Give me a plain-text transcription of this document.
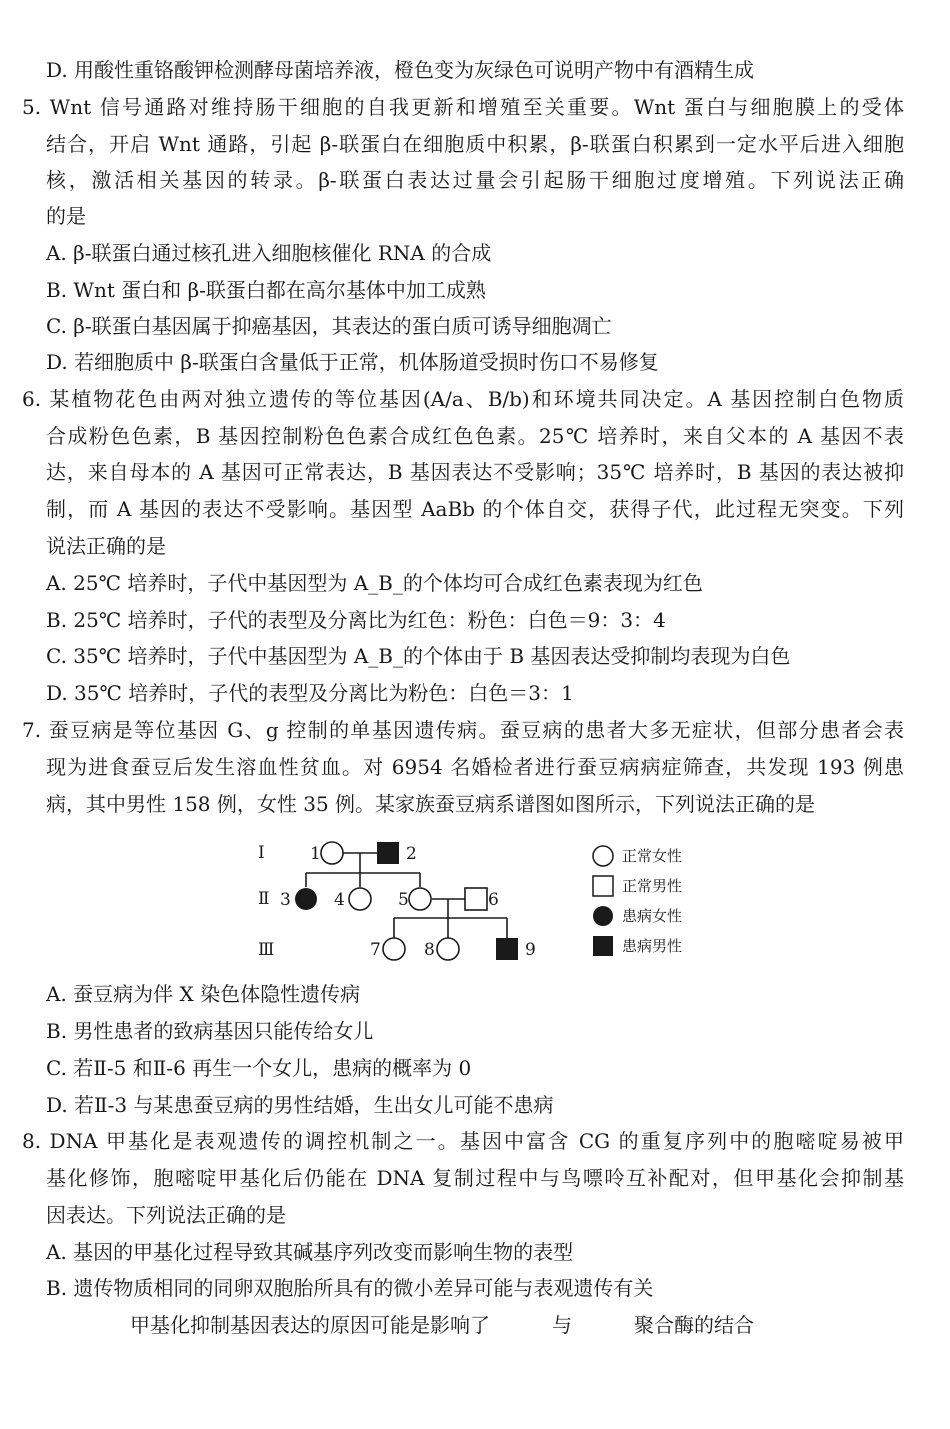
D. 用酸性重铬酸钾检测酵母菌培养液，橙色变为灰绿色可说明产物中有酒精生成
5. Wnt 信号通路对维持肠干细胞的自我更新和增殖至关重要。Wnt 蛋白与细胞膜上的受体
结合，开启 Wnt 通路，引起 β-联蛋白在细胞质中积累，β-联蛋白积累到一定水平后进入细胞
核，激活相关基因的转录。β-联蛋白表达过量会引起肠干细胞过度增殖。下列说法正确
的是
A. β-联蛋白通过核孔进入细胞核催化 RNA 的合成
B. Wnt 蛋白和 β-联蛋白都在高尔基体中加工成熟
C. β-联蛋白基因属于抑癌基因，其表达的蛋白质可诱导细胞凋亡
D. 若细胞质中 β-联蛋白含量低于正常，机体肠道受损时伤口不易修复
6. 某植物花色由两对独立遗传的等位基因(A/a、B/b)和环境共同决定。A 基因控制白色物质
合成粉色色素，B 基因控制粉色色素合成红色色素。25℃ 培养时，来自父本的 A 基因不表
达，来自母本的 A 基因可正常表达，B 基因表达不受影响；35℃ 培养时，B 基因的表达被抑
制，而 A 基因的表达不受影响。基因型 AaBb 的个体自交，获得子代，此过程无突变。下列
说法正确的是
A. 25℃ 培养时，子代中基因型为 A_B_的个体均可合成红色素表现为红色
B. 25℃ 培养时，子代的表型及分离比为红色：粉色：白色＝9：3：4
C. 35℃ 培养时，子代中基因型为 A_B_的个体由于 B 基因表达受抑制均表现为白色
D. 35℃ 培养时，子代的表型及分离比为粉色：白色＝3：1
7. 蚕豆病是等位基因 G、g 控制的单基因遗传病。蚕豆病的患者大多无症状，但部分患者会表
现为进食蚕豆后发生溶血性贫血。对 6954 名婚检者进行蚕豆病病症筛查，共发现 193 例患
病，其中男性 158 例，女性 35 例。某家族蚕豆病系谱图如图所示，下列说法正确的是
I
Ⅱ
Ⅲ
1	2
3	4	5	6
7	8	9
正常女性
正常男性
患病女性
患病男性
A. 蚕豆病为伴 X 染色体隐性遗传病
B. 男性患者的致病基因只能传给女儿
C. 若Ⅱ-5 和Ⅱ-6 再生一个女儿，患病的概率为 0
D. 若Ⅱ-3 与某患蚕豆病的男性结婚，生出女儿可能不患病
8. DNA 甲基化是表观遗传的调控机制之一。基因中富含 CG 的重复序列中的胞嘧啶易被甲
基化修饰，胞嘧啶甲基化后仍能在 DNA 复制过程中与鸟嘌呤互补配对，但甲基化会抑制基
因表达。下列说法正确的是
A. 基因的甲基化过程导致其碱基序列改变而影响生物的表型
B. 遗传物质相同的同卵双胞胎所具有的微小差异可能与表观遗传有关
甲基化抑制基因表达的原因可能是影响了	与	聚合酶的结合
